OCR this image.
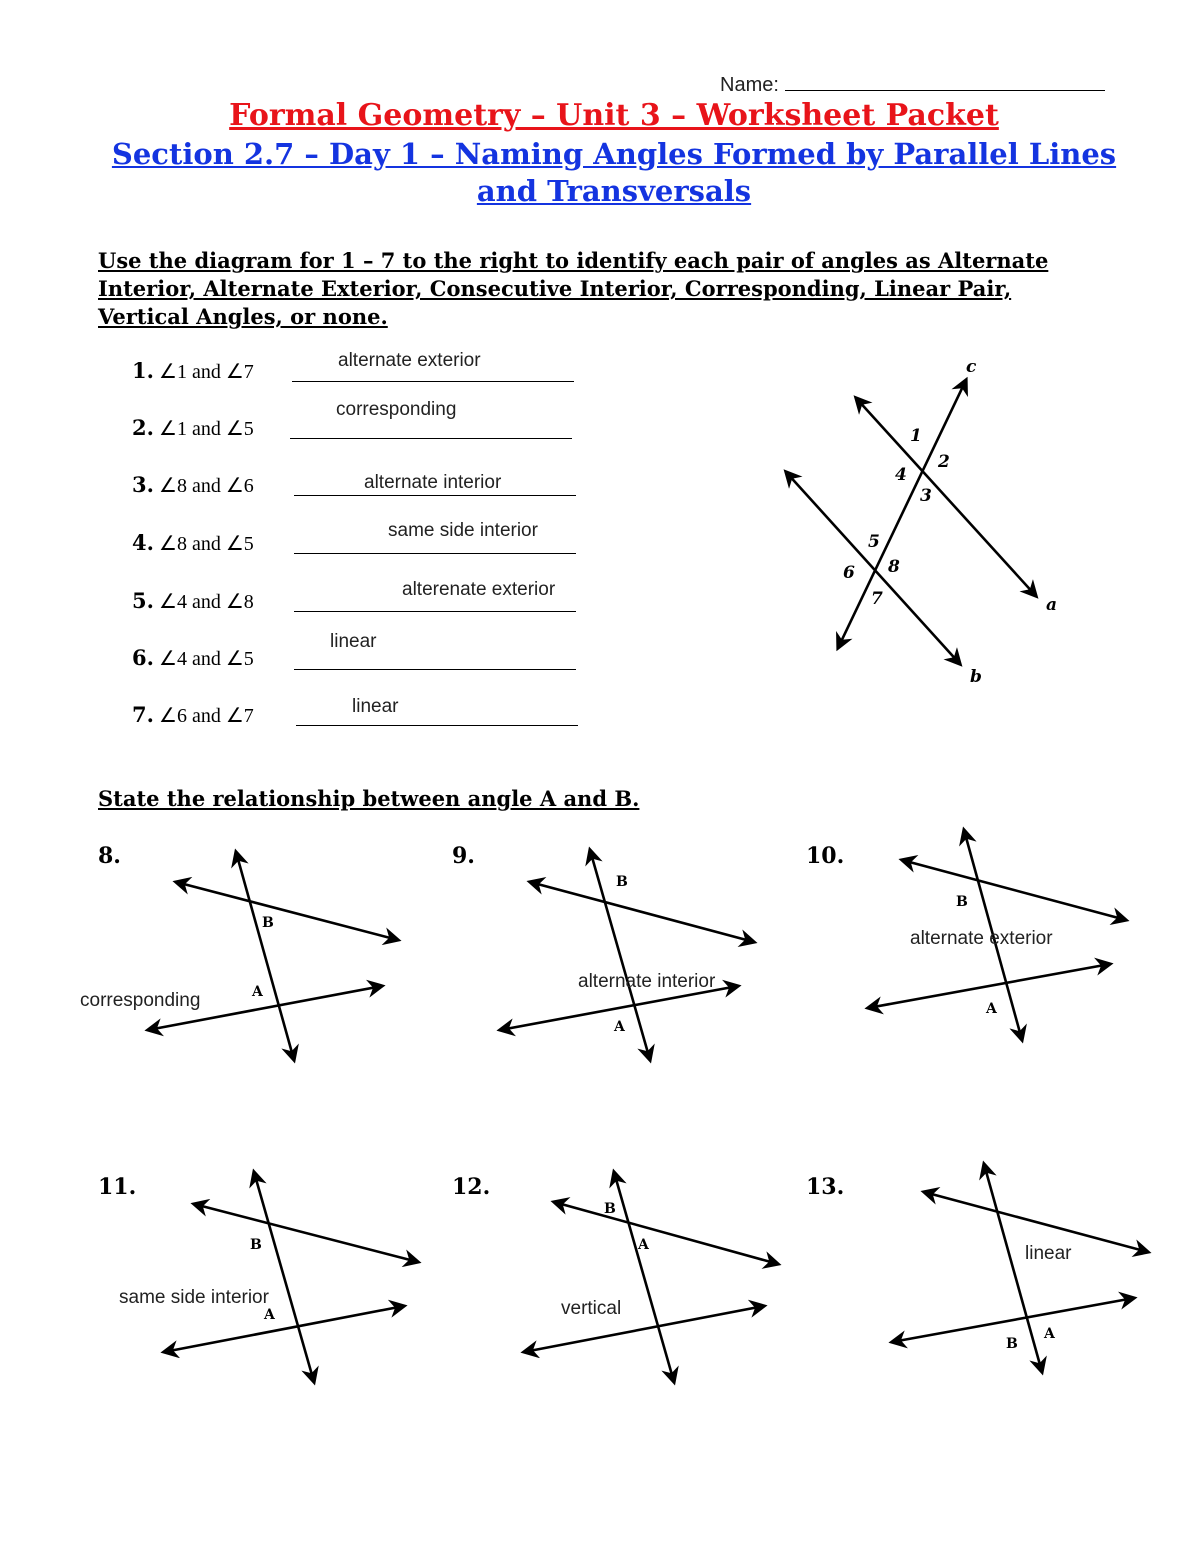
Name:
Formal Geometry – Unit 3 – Worksheet Packet
Section 2.7 – Day 1 – Naming Angles Formed by Parallel Lines
and Transversals
Use the diagram for 1 – 7 to the right to identify each pair of angles as Alternate Interior, Alternate Exterior, Consecutive Interior, Corresponding, Linear Pair, Vertical Angles, or none.
1. ∠1 and ∠7
alternate exterior
2. ∠1 and ∠5
corresponding
3. ∠8 and ∠6	alternate interior
4. ∠8 and ∠5
same side interior
5. ∠4 and ∠8
alterenate exterior
6. ∠4 and ∠5
linear
7. ∠6 and ∠7	linear
1
2
3
4
5
6
7
8
c
a
b
State the relationship between angle A and B.
8.
B
A
corresponding
9.
B
A
alternate interior
10.
B
A
alternate exterior
11.
B
A
same side interior
12.
B
A
vertical
13.
B
A
linear
